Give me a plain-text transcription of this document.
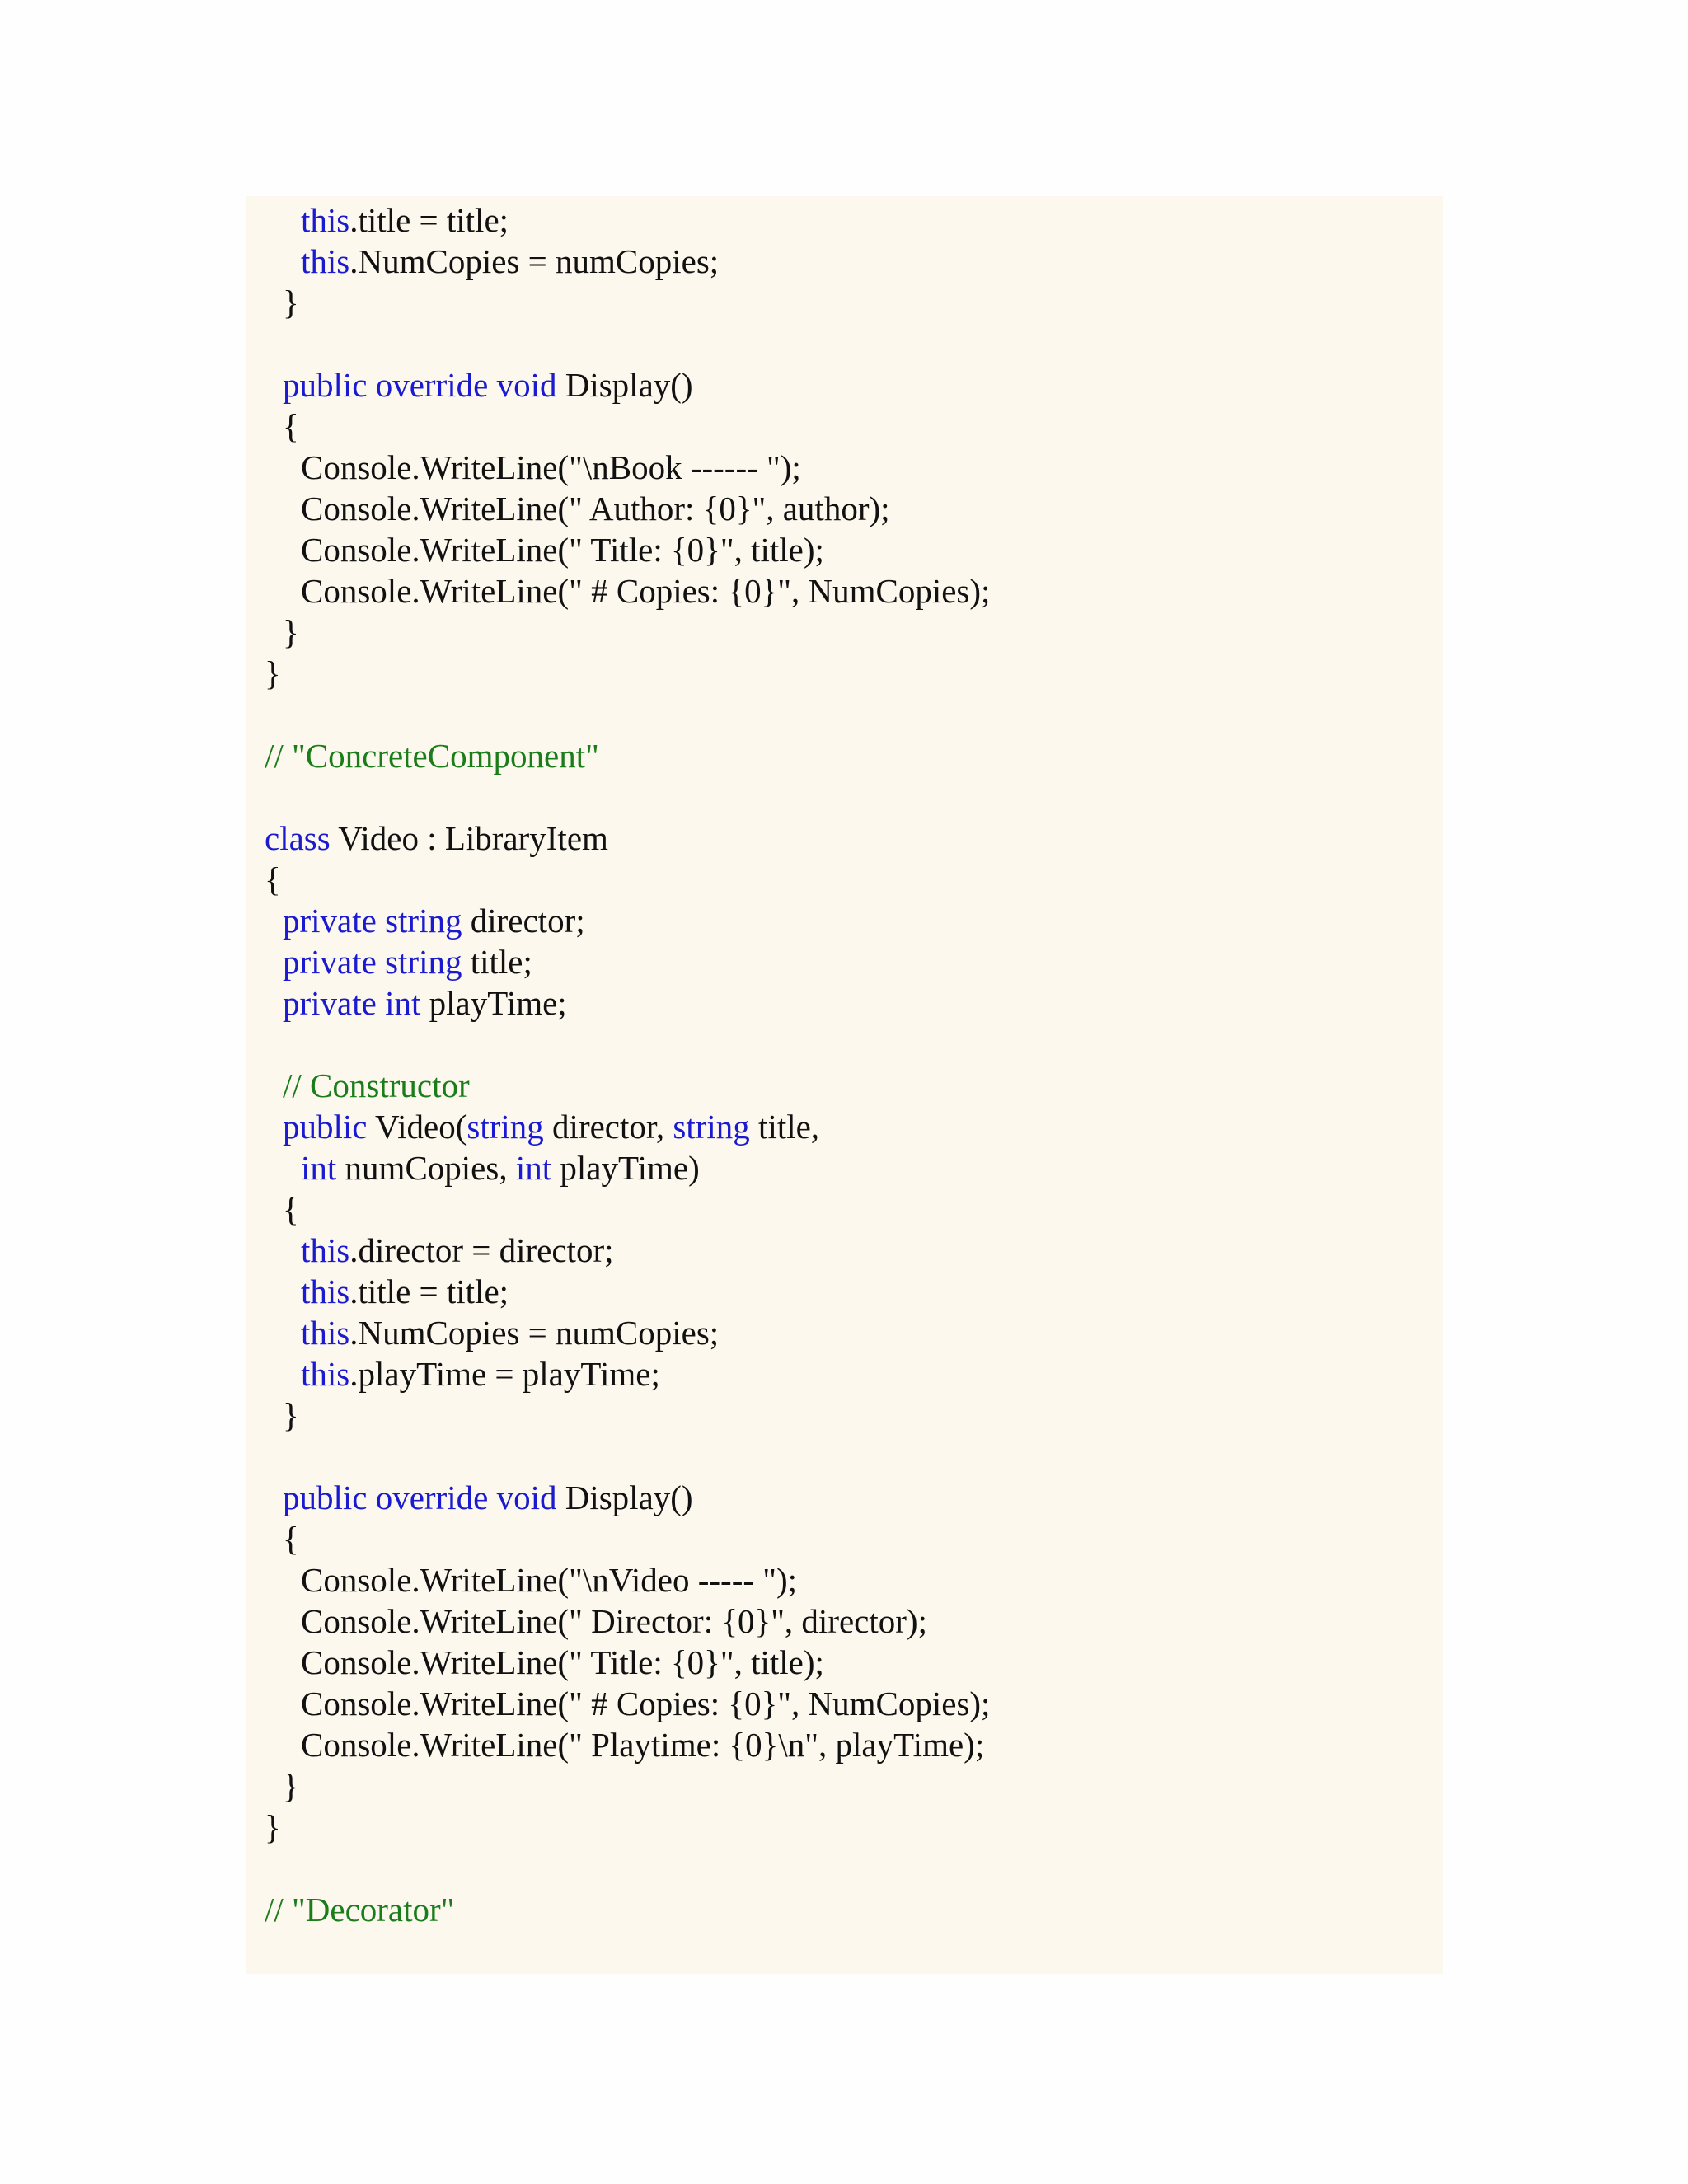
this.title = title;
this.NumCopies = numCopies;
}
public override void Display()
{
Console.WriteLine("\nBook ------ ");
Console.WriteLine(" Author: {0}", author);
Console.WriteLine(" Title: {0}", title);
Console.WriteLine(" # Copies: {0}", NumCopies);
}
}
// "ConcreteComponent"
class Video : LibraryItem
{
private string director;
private string title;
private int playTime;
// Constructor
public Video(string director, string title,
int numCopies, int playTime)
{
this.director = director;
this.title = title;
this.NumCopies = numCopies;
this.playTime = playTime;
}
public override void Display()
{
Console.WriteLine("\nVideo ----- ");
Console.WriteLine(" Director: {0}", director);
Console.WriteLine(" Title: {0}", title);
Console.WriteLine(" # Copies: {0}", NumCopies);
Console.WriteLine(" Playtime: {0}\n", playTime);
}
}
// "Decorator"
